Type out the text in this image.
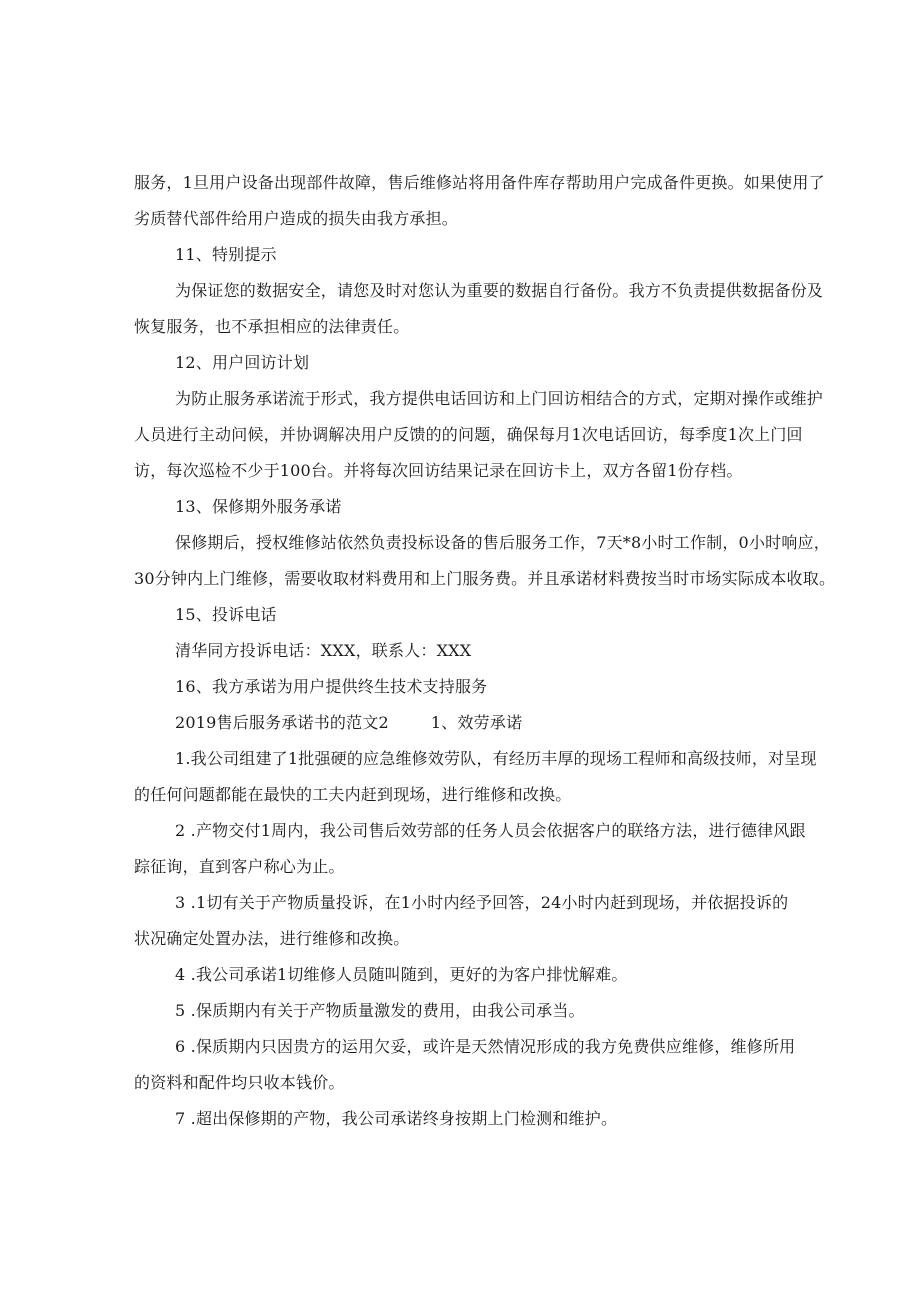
服务，1旦用户设备出现部件故障，售后维修站将用备件库存帮助用户完成备件更换。如果使用了
劣质替代部件给用户造成的损失由我方承担。
11、特别提示
为保证您的数据安全，请您及时对您认为重要的数据自行备份。我方不负责提供数据备份及
恢复服务，也不承担相应的法律责任。
12、用户回访计划
为防止服务承诺流于形式，我方提供电话回访和上门回访相结合的方式，定期对操作或维护
人员进行主动问候，并协调解决用户反馈的的问题，确保每月1次电话回访，每季度1次上门回
访，每次巡检不少于100台。并将每次回访结果记录在回访卡上，双方各留1份存档。
13、保修期外服务承诺
保修期后，授权维修站依然负责投标设备的售后服务工作，7天*8小时工作制，0小时响应，
30分钟内上门维修，需要收取材料费用和上门服务费。并且承诺材料费按当时市场实际成本收取。
15、投诉电话
清华同方投诉电话：XXX，联系人：XXX
16、我方承诺为用户提供终生技术支持服务
2019售后服务承诺书的范文2	1、效劳承诺
1.我公司组建了1批强硬的应急维修效劳队，有经历丰厚的现场工程师和高级技师，对呈现
的任何问题都能在最快的工夫内赶到现场，进行维修和改换。
2 .产物交付1周内，我公司售后效劳部的任务人员会依据客户的联络方法，进行德律风跟
踪征询，直到客户称心为止。
3 .1切有关于产物质量投诉，在1小时内经予回答，24小时内赶到现场，并依据投诉的
状况确定处置办法，进行维修和改换。
4 .我公司承诺1切维修人员随叫随到，更好的为客户排忧解难。
5 .保质期内有关于产物质量激发的费用，由我公司承当。
6 .保质期内只因贵方的运用欠妥，或许是天然情况形成的我方免费供应维修，维修所用
的资料和配件均只收本钱价。
7 .超出保修期的产物，我公司承诺终身按期上门检测和维护。
